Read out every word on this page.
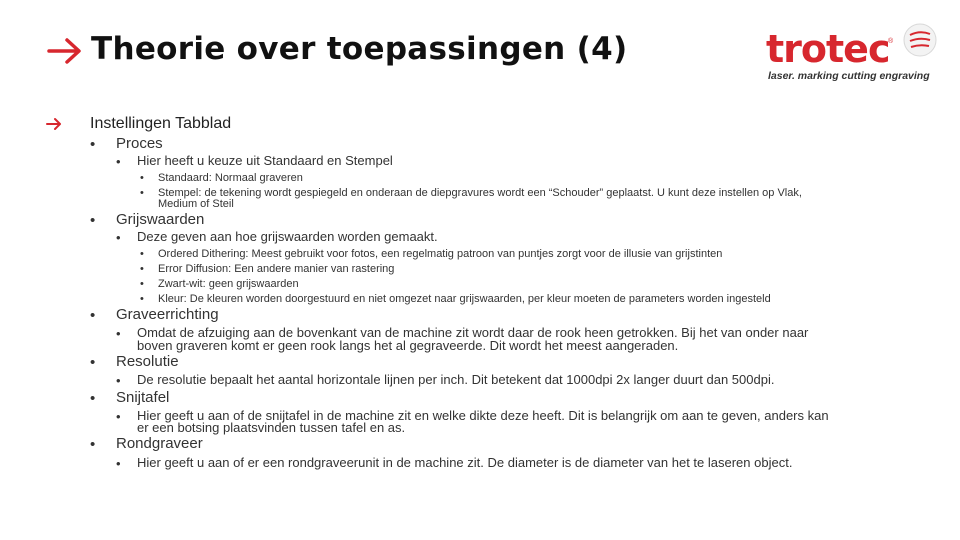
Theorie over toepassingen (4)	trotec
®
laser. marking cutting engraving
Instellingen Tabblad
• Proces
• Hier heeft u keuze uit Standaard en Stempel
• Standaard: Normaal graveren
• Stempel: de tekening wordt gespiegeld en onderaan de diepgravures wordt een “Schouder” geplaatst. U kunt deze instellen op Vlak,
Medium of Steil
• Grijswaarden
• Deze geven aan hoe grijswaarden worden gemaakt.
• Ordered Dithering: Meest gebruikt voor fotos, een regelmatig patroon van puntjes zorgt voor de illusie van grijstinten
• Error Diffusion: Een andere manier van rastering
• Zwart-wit: geen grijswaarden
• Kleur: De kleuren worden doorgestuurd en niet omgezet naar grijswaarden, per kleur moeten de parameters worden ingesteld
• Graveerrichting
• Omdat de afzuiging aan de bovenkant van de machine zit wordt daar de rook heen getrokken. Bij het van onder naar
boven graveren komt er geen rook langs het al gegraveerde. Dit wordt het meest aangeraden.
• Resolutie
• De resolutie bepaalt het aantal horizontale lijnen per inch. Dit betekent dat 1000dpi 2x langer duurt dan 500dpi.
• Snijtafel
• Hier geeft u aan of de snijtafel in de machine zit en welke dikte deze heeft. Dit is belangrijk om aan te geven, anders kan
er een botsing plaatsvinden tussen tafel en as.
• Rondgraveer
• Hier geeft u aan of er een rondgraveerunit in de machine zit. De diameter is de diameter van het te laseren object.
